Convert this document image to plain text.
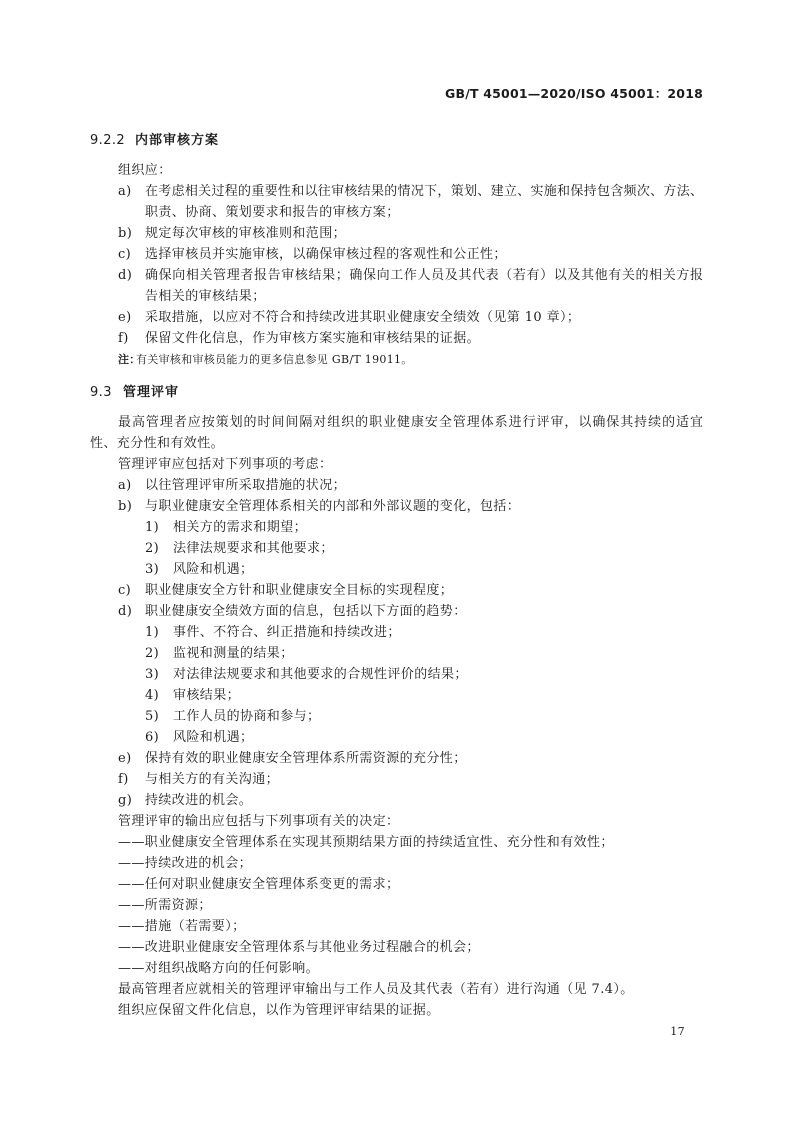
GB/T 45001—2020/ISO 45001：2018
9.2.2 内部审核方案
组织应：
a) 在考虑相关过程的重要性和以往审核结果的情况下，策划、建立、实施和保持包含频次、方法、
职责、协商、策划要求和报告的审核方案；
b) 规定每次审核的审核准则和范围；
c) 选择审核员并实施审核，以确保审核过程的客观性和公正性；
d) 确保向相关管理者报告审核结果；确保向工作人员及其代表（若有）以及其他有关的相关方报
告相关的审核结果；
e) 采取措施，以应对不符合和持续改进其职业健康安全绩效（见第 10 章）；
f) 保留文件化信息，作为审核方案实施和审核结果的证据。
注：
有关审核和审核员能力的更多信息参见 GB/T 19011。
9.3 管理评审
最高管理者应按策划的时间间隔对组织的职业健康安全管理体系进行评审，以确保其持续的适宜
性、充分性和有效性。
管理评审应包括对下列事项的考虑：
a) 以往管理评审所采取措施的状况；
b) 与职业健康安全管理体系相关的内部和外部议题的变化，包括：
1) 相关方的需求和期望；
2) 法律法规要求和其他要求；
3) 风险和机遇；
c) 职业健康安全方针和职业健康安全目标的实现程度；
d) 职业健康安全绩效方面的信息，包括以下方面的趋势：
1) 事件、不符合、纠正措施和持续改进；
2) 监视和测量的结果；
3) 对法律法规要求和其他要求的合规性评价的结果；
4) 审核结果；
5) 工作人员的协商和参与；
6) 风险和机遇；
e) 保持有效的职业健康安全管理体系所需资源的充分性；
f) 与相关方的有关沟通；
g) 持续改进的机会。
管理评审的输出应包括与下列事项有关的决定：
——职业健康安全管理体系在实现其预期结果方面的持续适宜性、充分性和有效性；
——持续改进的机会；
——任何对职业健康安全管理体系变更的需求；
——所需资源；
——措施（若需要）；
——改进职业健康安全管理体系与其他业务过程融合的机会；
——对组织战略方向的任何影响。
最高管理者应就相关的管理评审输出与工作人员及其代表（若有）进行沟通（见 7.4）。
组织应保留文件化信息，以作为管理评审结果的证据。
17
